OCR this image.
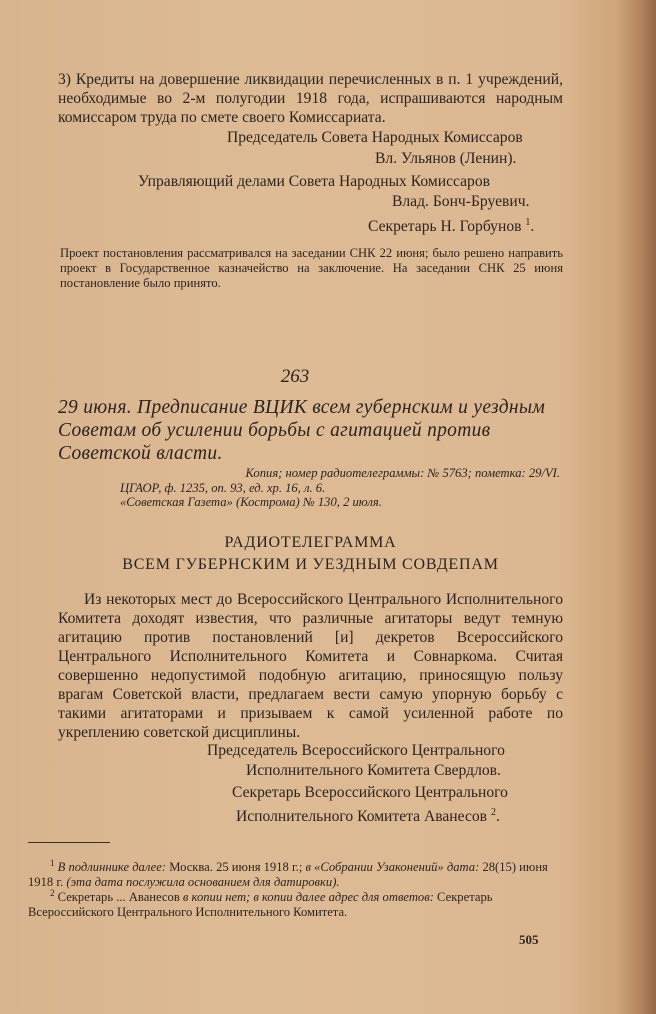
3) Кредиты на довершение ликвидации перечисленных в п. 1 учреждений, необходимые во 2-м полугодии 1918 года, испрашиваются народным комиссаром труда по смете своего Комиссариата.

Председатель Совета Народных Комиссаров
Вл. Ульянов (Ленин).
Управляющий делами Совета Народных Комиссаров
Влад. Бонч-Бруевич.
Секретарь Н. Горбунов $^1$.

Проект постановления рассматривался на заседании СНК 22 июня; было решено направить проект в Государственное казначейство на заключение. На заседании СНК 25 июня постановление было принято.

263
29 июня. Предписание ВЦИК всем губернским и уездным Советам об усилении борьбы с агитацией против Советской власти.
Копия; номер радиотелеграммы: № 5763; пометка: 29/VI.
ЦГАОР, ф. 1235, оп. 93, ед. хр. 16, л. 6.
«Советская Газета» (Кострома) № 130, 2 июля.
РАДИОТЕЛЕГРАММА
ВСЕМ ГУБЕРНСКИМ И УЕЗДНЫМ СОВДЕПАМ

Из некоторых мест до Всероссийского Центрального Исполнительного Комитета доходят известия, что различные агитаторы ведут темную агитацию против постановлений [и] декретов Всероссийского Центрального Исполнительного Комитета и Совнаркома. Считая совершенно недопустимой подобную агитацию, приносящую пользу врагам Советской власти, предлагаем вести самую упорную борьбу с такими агитаторами и призываем к самой усиленной работе по укреплению советской дисциплины.

Председатель Всероссийского Центрального
Исполнительного Комитета Свердлов.
Секретарь Всероссийского Центрального
Исполнительного Комитета Аванесов $^2$.
$^1$ В подлиннике далее: Москва. 25 июня 1918 г.; в «Собрании Узаконений» дата: 28(15) июня 1918 г. (эта дата послужила основанием для датировки).
$^2$ Секретарь ... Аванесов в копии нет; в копии далее адрес для ответов: Секретарь Всероссийского Центрального Исполнительного Комитета.
505
